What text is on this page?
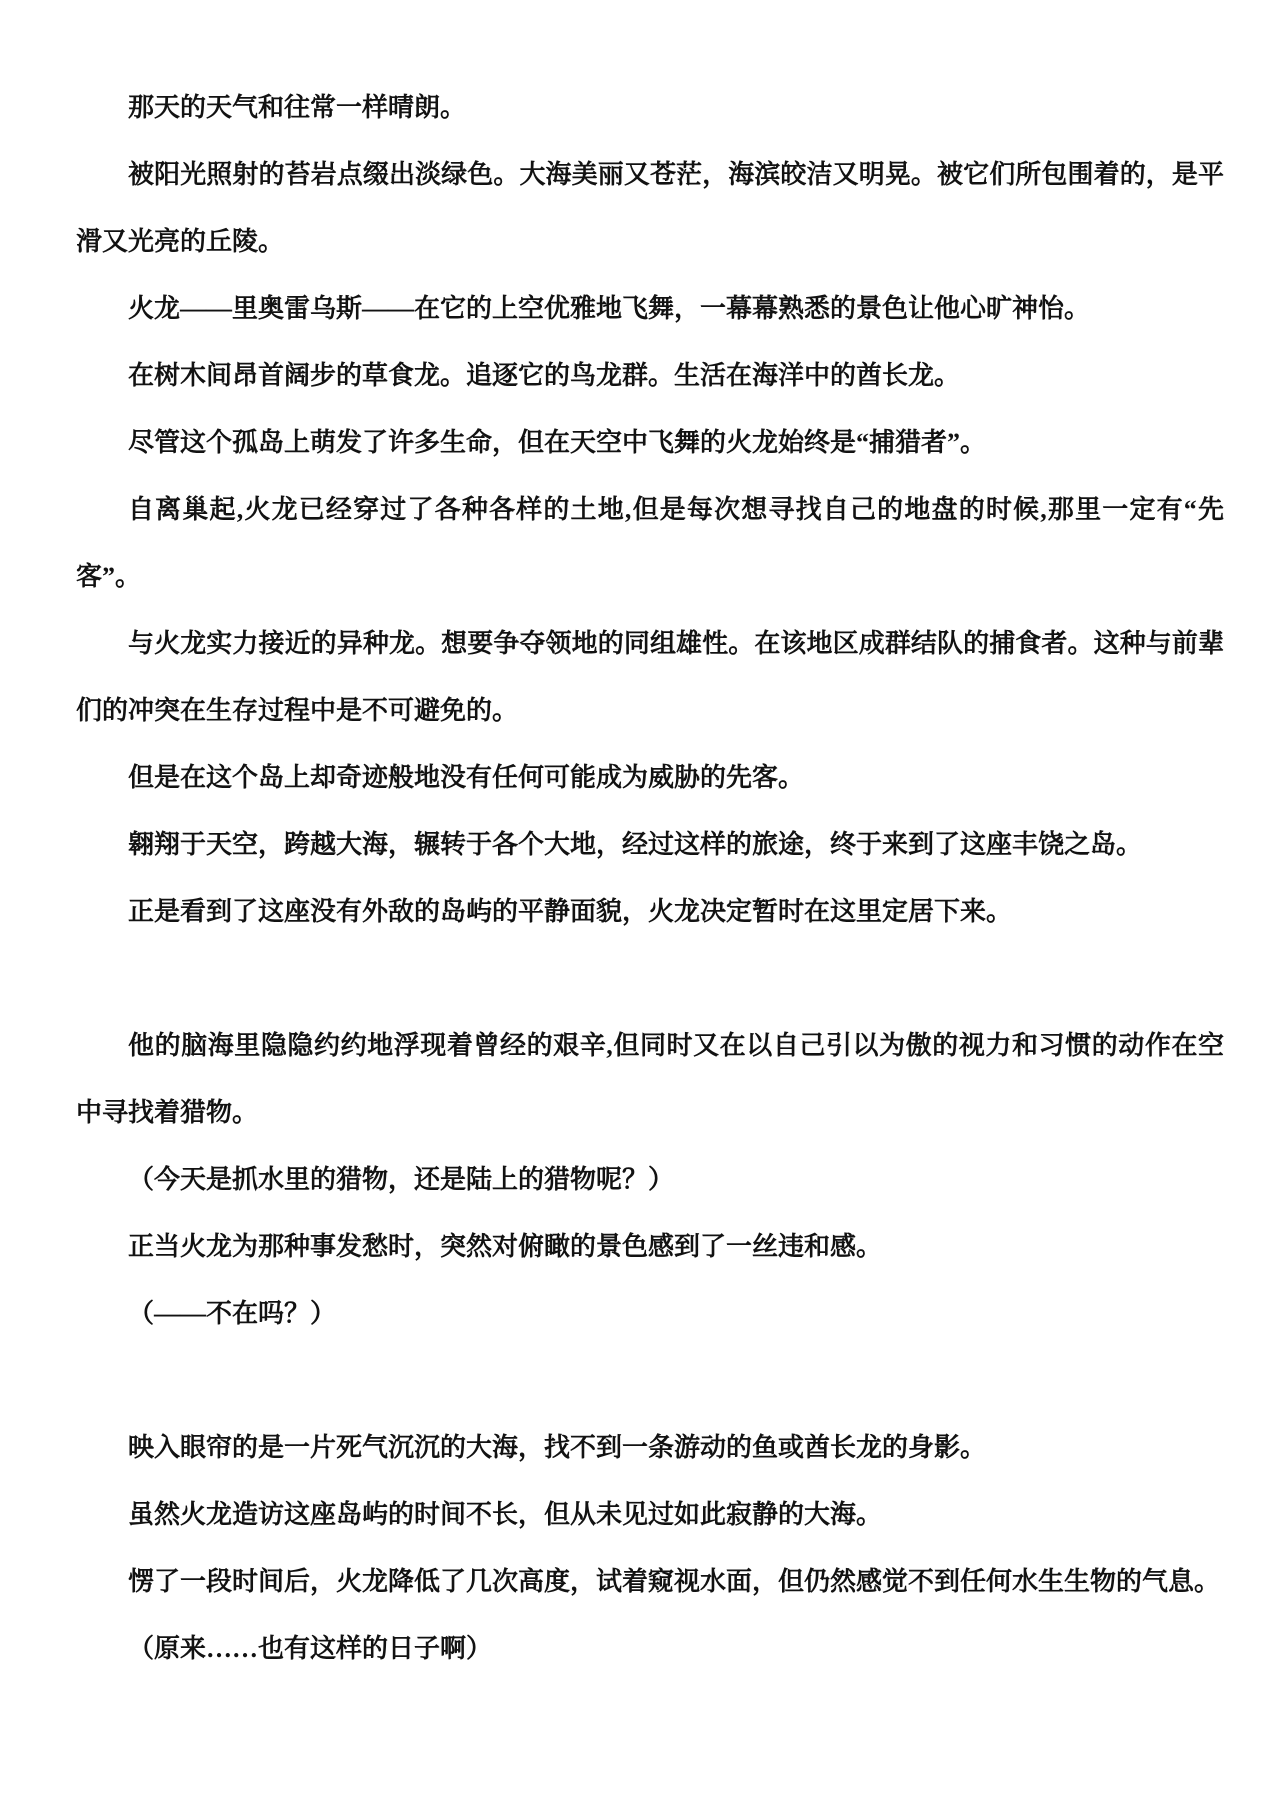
那天的天气和往常一样晴朗。

被阳光照射的苔岩点缀出淡绿色。大海美丽又苍茫，海滨皎洁又明晃。被它们所包围着的，是平滑又光亮的丘陵。

火龙——里奥雷乌斯——在它的上空优雅地飞舞，一幕幕熟悉的景色让他心旷神怡。

在树木间昂首阔步的草食龙。追逐它的鸟龙群。生活在海洋中的酋长龙。

尽管这个孤岛上萌发了许多生命，但在天空中飞舞的火龙始终是“捕猎者”。

自离巢起,火龙已经穿过了各种各样的土地,但是每次想寻找自己的地盘的时候,那里一定有“先客”。

与火龙实力接近的异种龙。想要争夺领地的同组雄性。在该地区成群结队的捕食者。这种与前辈们的冲突在生存过程中是不可避免的。

但是在这个岛上却奇迹般地没有任何可能成为威胁的先客。

翱翔于天空，跨越大海，辗转于各个大地，经过这样的旅途，终于来到了这座丰饶之岛。

正是看到了这座没有外敌的岛屿的平静面貌，火龙决定暂时在这里定居下来。

他的脑海里隐隐约约地浮现着曾经的艰辛,但同时又在以自己引以为傲的视力和习惯的动作在空中寻找着猎物。

（今天是抓水里的猎物，还是陆上的猎物呢？）

正当火龙为那种事发愁时，突然对俯瞰的景色感到了一丝违和感。

（——不在吗？）

映入眼帘的是一片死气沉沉的大海，找不到一条游动的鱼或酋长龙的身影。

虽然火龙造访这座岛屿的时间不长，但从未见过如此寂静的大海。

愣了一段时间后，火龙降低了几次高度，试着窥视水面，但仍然感觉不到任何水生生物的气息。

（原来……也有这样的日子啊）
